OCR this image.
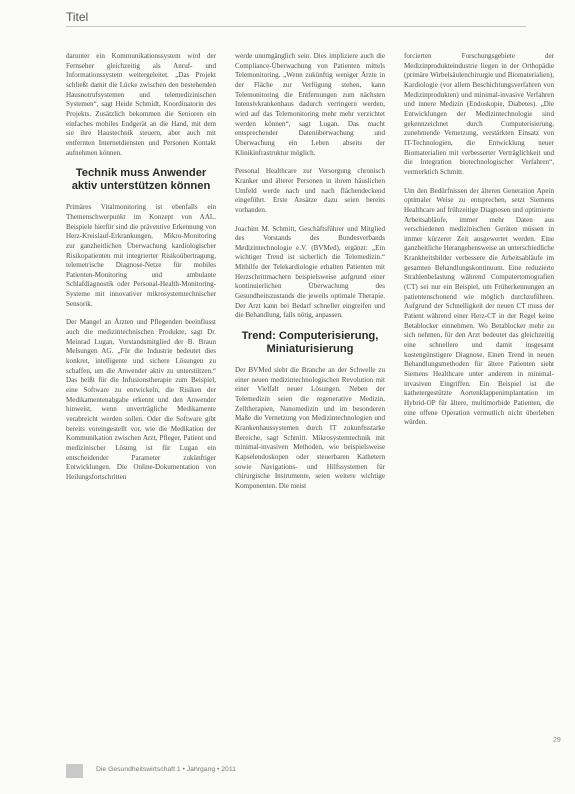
Titel

darunter ein Kommunikationssystem wird der Fernseher gleichzeitig als Anruf- und Informationssystem weitergeleitet. „Das Projekt schließt damit die Lücke zwischen den bestehenden Hausnotrufsystemen und telemedizinischen Systemen“, sagt Heide Schmidt, Koordinatorin des Projekts. Zusätzlich bekommen die Senioren ein einfaches mobiles Endgerät an die Hand, mit dem sie ihre Haustechnik steuern, aber auch mit entfernten Internetdiensten und Personen Kontakt aufnehmen können.

Technik muss Anwender aktiv unterstützen können

Primäres Vitalmonitoring ist ebenfalls ein Themenschwerpunkt im Konzept von AAL. Beispiele hierfür sind die präventive Erkennung von Herz-Kreislauf-Erkrankungen, Mikro-Monitoring zur ganzheitlichen Überwachung kardiologischer Risikopatienten mit integrierter Risikoübertragung, telemetrische Diagnose-Netze für mobiles Patienten-Monitoring und ambulante Schlafdiagnostik oder Personal-Health-Monitoring-Systeme mit innovativer mikrosystemtechnischer Sensorik.

Der Mangel an Ärzten und Pflegenden beeinflusst auch die medizintechnischen Produkte, sagt Dr. Meinrad Lugan, Vorstandsmitglied der B. Braun Melsungen AG. „Für die Industrie bedeutet dies konkret, intelligente und sichere Lösungen zu schaffen, um die Anwender aktiv zu unterstützen.“ Das heißt für die Infusionstherapie zum Beispiel, eine Software zu entwickeln, die Risiken der Medikamentenabgabe erkennt und den Anwender hinweist, wenn unverträgliche Medikamente verabreicht werden sollen. Oder die Software gibt bereits voreingestellt vor, wie die Medikation der Kommunikation zwischen Arzt, Pfleger, Patient und medizinischer Lösung ist für Lugan ein entscheidender Parameter zukünftiger Entwicklungen. Die Online-Dokumentation von Heilungsfortschritten

werde unumgänglich sein. Dies impliziere auch die Compliance-Überwachung von Patienten mittels Telemonitoring. „Wenn zukünftig weniger Ärzte in der Fläche zur Verfügung stehen, kann Telemonitoring die Entfernungen zum nächsten Intensivkrankenhaus dadurch verringern werden, wird auf das Telemonitoring mehr mehr verzichtet werden können“, sagt Lugan. Das macht entsprechender Datenüberwachung und Überwachung ein Leben abseits der Klinikinfrastruktur möglich.

Personal Healthcare zur Versorgung chronisch Kranker und älterer Personen in ihrem häuslichen Umfeld werde nach und nach flächendeckend eingeführt. Erste Ansätze dazu seien bereits vorhanden.

Joachim M. Schmitt, Geschäftsführer und Mitglied des Vorstands des Bundesverbands Medizintechnologie e.V. (BVMed), ergänzt: „Ein wichtiger Trend ist sicherlich die Telemedizin.“ Mithilfe der Telekardiologie erhalten Patienten mit Herzschrittmachern beispielsweise aufgrund einer kontinuierlichen Überwachung des Gesundheitszustands die jeweils optimale Therapie. Der Arzt kann bei Bedarf schneller eingreifen und die Behandlung, falls nötig, anpassen.

Trend: Computerisierung, Miniaturisierung

Der BVMed sieht die Branche an der Schwelle zu einer neuen medizintechnologischen Revolution mit einer Vielfalt neuer Lösungen. Neben der Telemedizin seien die regenerative Medizin, Zelltherapien, Nanomedizin und im besonderen Maße die Vernetzung von Medizintechnologien und Krankenhaussystemen durch IT zukunftsstarke Bereiche, sagt Schmitt. Mikrosystemtechnik mit minimal-invasiven Methoden, wie beispielsweise Kapselendoskopen oder steuerbaren Kathetern sowie Navigations- und Hilfssystemen für chirurgische Instrumente, seien weitere wichtige Komponenten. Die meist

forcierten Forschungsgebiete der Medizinprodukteindustrie liegen in der Orthopädie (primäre Wirbelsäulenchirurgie und Biomaterialien), Kardiologie (vor allem Beschichtungsverfahren von Medizinprodukten) und minimal-invasive Verfahren und innere Medizin (Endoskopie, Diabetes). „Die Entwicklungen der Medizintechnologie sind gekennzeichnet durch Computerisierung, zunehmende Vernetzung, verstärkten Einsatz von IT-Technologien, die Entwicklung neuer Biomaterialien mit verbesserter Verträglichkeit und die Integration biotechnologischer Verfahren“, vermerktich Schmitt.

Um den Bedürfnissen der älteren Generation Apein optimaler Weise zu entsprechen, setzt Siemens Healthcare auf frühzeitige Diagnosen und optimierte Arbeitsabläufe, immer mehr Daten aus verschiedenen medizinischen Geräten müssen in immer kürzerer Zeit ausgewertet werden. Eine ganzheitliche Herangehensweise an unterschiedliche Krankheitsbilder verbessere die Arbeitsabläufe im gesamten Behandlungskontinuum. Eine reduzierte Strahlenbelastung während Computertomografien (CT) sei nur ein Beispiel, um Früherkennungen an patientenschonend wie möglich durchzuführen. Aufgrund der Schnelligkeit der neuen CT muss der Patient während einer Herz-CT in der Regel keine Betablocker einnehmen. Wo Betablocker mehr zu sich nehmen, für den Arzt bedeutet das gleichzeitig eine schnellere und damit insgesamt kostengünstigere Diagnose. Einen Trend in neuen Behandlungsmethoden für ältere Patienten sieht Siemens Healthcare unter anderem in minimal-invasiven Eingriffen. Ein Beispiel ist die kathetergestützte Aortenklappenimplantation im Hybrid-OP für ältere, multimorbide Patienten, die eine offene Operation vermutlich nicht überleben würden.

29
Die Gesundheitswirtschaft 1 • Jahrgang • 2011
